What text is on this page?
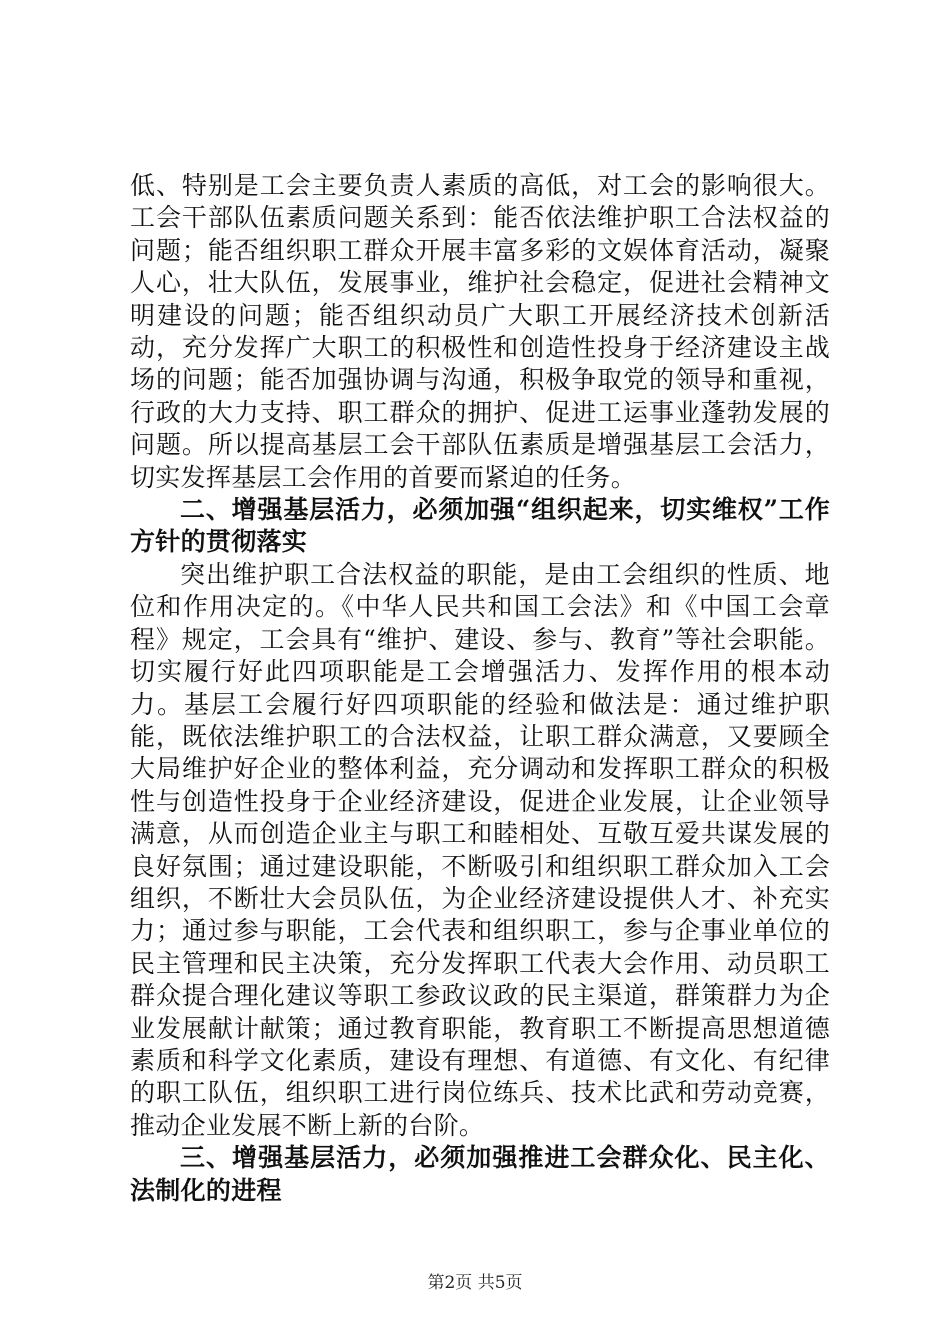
低、特别是工会主要负责人素质的高低，对工会的影响很大。工会干部队伍素质问题关系到：能否依法维护职工合法权益的问题；能否组织职工群众开展丰富多彩的文娱体育活动，凝聚人心，壮大队伍，发展事业，维护社会稳定，促进社会精神文明建设的问题；能否组织动员广大职工开展经济技术创新活动，充分发挥广大职工的积极性和创造性投身于经济建设主战场的问题；能否加强协调与沟通，积极争取党的领导和重视，行政的大力支持、职工群众的拥护、促进工运事业蓬勃发展的问题。所以提高基层工会干部队伍素质是增强基层工会活力，切实发挥基层工会作用的首要而紧迫的任务。

二、增强基层活力，必须加强“组织起来，切实维权”工作方针的贯彻落实

突出维护职工合法权益的职能，是由工会组织的性质、地位和作用决定的。《中华人民共和国工会法》和《中国工会章程》规定，工会具有“维护、建设、参与、教育”等社会职能。切实履行好此四项职能是工会增强活力、发挥作用的根本动力。基层工会履行好四项职能的经验和做法是：通过维护职能，既依法维护职工的合法权益，让职工群众满意，又要顾全大局维护好企业的整体利益，充分调动和发挥职工群众的积极性与创造性投身于企业经济建设，促进企业发展，让企业领导满意，从而创造企业主与职工和睦相处、互敬互爱共谋发展的良好氛围；通过建设职能，不断吸引和组织职工群众加入工会组织，不断壮大会员队伍，为企业经济建设提供人才、补充实力；通过参与职能，工会代表和组织职工，参与企事业单位的民主管理和民主决策，充分发挥职工代表大会作用、动员职工群众提合理化建议等职工参政议政的民主渠道，群策群力为企业发展献计献策；通过教育职能，教育职工不断提高思想道德素质和科学文化素质，建设有理想、有道德、有文化、有纪律的职工队伍，组织职工进行岗位练兵、技术比武和劳动竞赛，推动企业发展不断上新的台阶。

三、增强基层活力，必须加强推进工会群众化、民主化、法制化的进程

第2页 共5页
